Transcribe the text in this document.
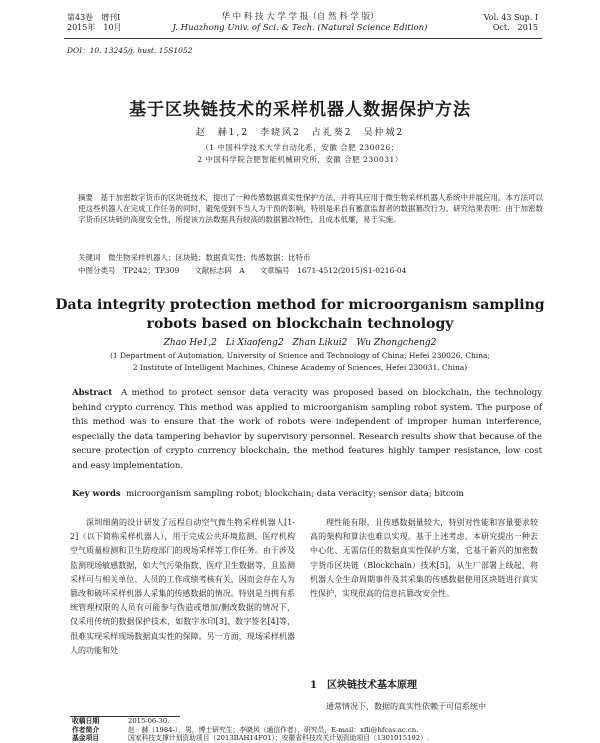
第43卷　增刊Ⅰ
2015年　10月
华 中 科 技 大 学 学 报（自 然 科 学 版）
J. Huazhong Univ. of Sci. & Tech. (Natural Science Edition)
Vol. 43 Sup. Ⅰ
Oct.　2015
DOI：10. 13245/j. hust. 15S1052
基于区块链技术的采样机器人数据保护方法
赵　赫1,2　李晓风2　占礼葵2　吴仲城2
（1 中国科学技术大学自动化系，安徽 合肥 230026；
2 中国科学院合肥智能机械研究所，安徽 合肥 230031）
摘要　基于加密数字货币的区块链技术，提出了一种传感数据真实性保护方法，并将其应用于微生物采样机器人系统中并展应用。本方法可以使这些机器人在完成工作任务的同时，避免受到不当人为干预的影响，特别是来自有蓄意监督者的数据篡改行为。研究结果表明：由于加密数字货币区块链的高度安全性，所提该方法数据具有较高的数据篡改特性，且成本低廉，易于实施。
关键词　微生物采样机器人；区块链；数据真实性；传感数据；比特币
中图分类号　TP242；TP309　　文献标志码　A　　文章编号　1671-4512(2015)S1-0216-04
Data integrity protection method for microorganism sampling
robots based on blockchain technology
Zhao He1,2　Li Xiaofeng2　Zhan Likui2　Wu Zhongcheng2
(1 Department of Automation, University of Science and Technology of China, Hefei 230026, China;
2 Institute of Intelligent Machines, Chinese Academy of Sciences, Hefei 230031, China)
Abstract A method to protect sensor data veracity was proposed based on blockchain, the technology behind crypto currency. This method was applied to microorganism sampling robot system. The purpose of this method was to ensure that the work of robots were independent of improper human interference, especially the data tampering behavior by supervisory personnel. Research results show that because of the secure protection of crypto currency blockchain, the method features highly tamper resistance, low cost and easy implementation.
Key words microorganism sampling robot; blockchain; data veracity; sensor data; bitcoin
深圳细菌的设计研发了远程自动空气微生物采样机器人[1-2]（以下简称采样机器人），用于完成公共环境监测、医疗机构空气质量检测和卫生防疫部门的现场采样等工作任务。由于涉及监测现场敏感数据，如大气污染指数、医疗卫生数据等，且监测采样可与相关单位、人员的工作成绩考核有关，因而会存在人为篡改和破坏采样机器人采集的传感数据的情况。特别是当拥有系统管理权限的人员有可能参与伪造或增加/删改数据的情况下，仅采用传统的数据保护技术，如数字水印[3]、数字签名[4]等，很难实现采样现场数据真实性的保障。另一方面，现场采样机器人的功能和处
理性能有限，且传感数据量较大，特别对性能和容量要求较高的架构和算法也难以实现。基于上述考虑，本研究提出一种去中心化、无需信任的数据真实性保护方案，它基于新兴的加密数字货币区块链（Blockchain）技术[5]，从生厂部署上线起，将机器人全生命周期事件及其采集的传感数据使用区块链进行真实性保护，实现很高的信息抗篡改安全性。
1　区块链技术基本原理
通常情况下，数据的真实性依赖于可信系统中
收稿日期	2015-06-30.
作者简介	赵　赫（1984-），男，博士研究生；李晓风（通信作者），研究员，E-mail：xfli@hfcas.ac.cn.
基金项目	国家科技支撑计划资助项目（2013BAH14F01）；安徽省科技攻关计划资助项目（1301015192）.
